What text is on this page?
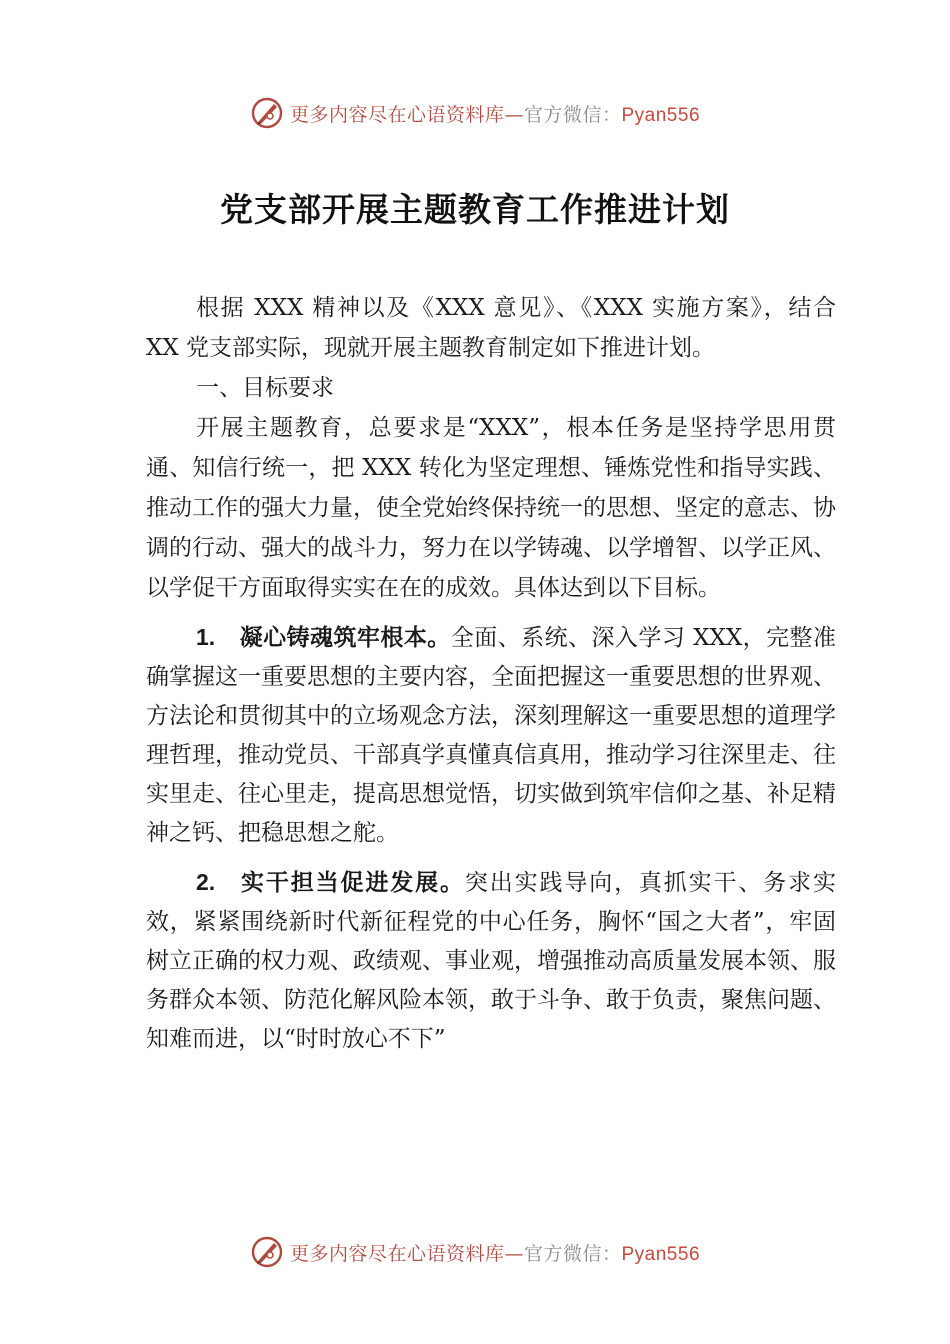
更多内容尽在心语资料库—官方微信：Pyan556
党支部开展主题教育工作推进计划

根据 XXX 精神以及《XXX 意见》、《XXX 实施方案》，结合 XX 党支部实际，现就开展主题教育制定如下推进计划。

一、目标要求

开展主题教育，总要求是“XXX”，根本任务是坚持学思用贯通、知信行统一，把 XXX 转化为坚定理想、锤炼党性和指导实践、推动工作的强大力量，使全党始终保持统一的思想、坚定的意志、协调的行动、强大的战斗力，努力在以学铸魂、以学增智、以学正风、以学促干方面取得实实在在的成效。具体达到以下目标。

1. 凝心铸魂筑牢根本。全面、系统、深入学习 XXX，完整准确掌握这一重要思想的主要内容，全面把握这一重要思想的世界观、方法论和贯彻其中的立场观念方法，深刻理解这一重要思想的道理学理哲理，推动党员、干部真学真懂真信真用，推动学习往深里走、往实里走、往心里走，提高思想觉悟，切实做到筑牢信仰之基、补足精神之钙、把稳思想之舵。

2. 实干担当促进发展。突出实践导向，真抓实干、务求实效，紧紧围绕新时代新征程党的中心任务，胸怀“国之大者”，牢固树立正确的权力观、政绩观、事业观，增强推动高质量发展本领、服务群众本领、防范化解风险本领，敢于斗争、敢于负责，聚焦问题、知难而进，以“时时放心不下”

更多内容尽在心语资料库—官方微信：Pyan556
